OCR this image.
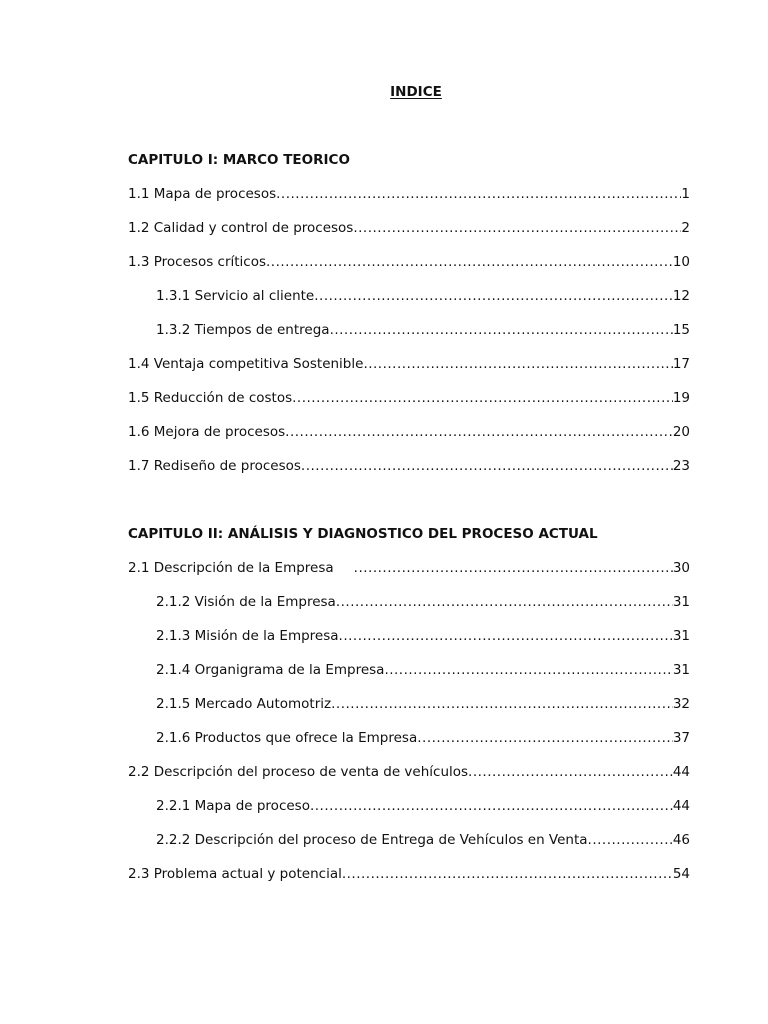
INDICE
CAPITULO I: MARCO TEORICO
1.1 Mapa de procesos .....	1
1.2 Calidad y control de procesos .....	2
1.3 Procesos críticos .....	10
1.3.1 Servicio al cliente .....	12
1.3.2 Tiempos de entrega .....	15
1.4 Ventaja competitiva Sostenible .....	17
1.5 Reducción de costos .....	19
1.6 Mejora de procesos .....	20
1.7 Rediseño de procesos .....	23
CAPITULO II: ANÁLISIS Y DIAGNOSTICO DEL PROCESO ACTUAL
2.1 Descripción de la Empresa .....	30
2.1.2 Visión de la Empresa .....	31
2.1.3 Misión de la Empresa .....	31
2.1.4 Organigrama de la Empresa .....	31
2.1.5 Mercado Automotriz .....	32
2.1.6 Productos que ofrece la Empresa .....	37
2.2 Descripción del proceso de venta de vehículos .....	44
2.2.1 Mapa de proceso .....	44
2.2.2 Descripción del proceso de Entrega de Vehículos en Venta .....	46
2.3 Problema actual y potencial .....	54
